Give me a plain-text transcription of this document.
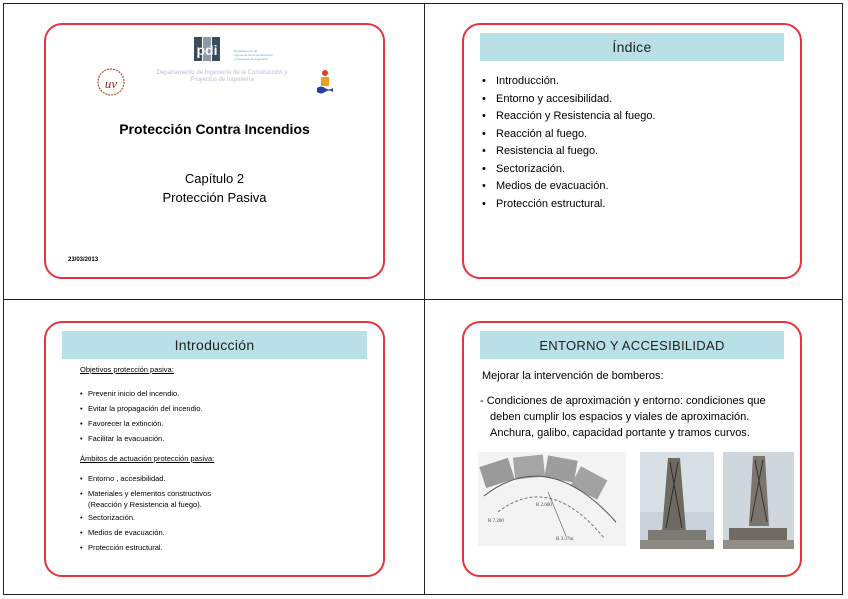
pdi	Departamento de
Ingeniería de la Construcción
y Proyectos de Ingeniería
uv
Departamento de Ingeniería de la Construcción y
Proyectos de Ingeniería
Protección Contra Incendios
Capítulo 2
Protección Pasiva
23/03/2013
Índice
• Introducción.
• Entorno y accesibilidad.
• Reacción y Resistencia al fuego.
• Reacción al fuego.
• Resistencia al fuego.
• Sectorización.
• Medios de evacuación.
• Protección estructural.
Introducción
Objetivos protección pasiva:
• Prevenir inicio del incendio.
• Evitar la propagación del incendio.
• Favorecer la extinción.
• Facilitar la evacuación.
Ámbitos de actuación protección pasiva:
• Entorno , accesibilidad.
• Materiales y elementos constructivos
(Reacción y Resistencia al fuego).
• Sectorización.
• Medios de evacuación.
• Protección estructural.
ENTORNO Y ACCESIBILIDAD
Mejorar la intervención de bomberos:
- Condiciones de aproximación y entorno: condiciones que
deben cumplir los espacios y viales de aproximación.
Anchura, galibo, capacidad portante y tramos curvos.
R 7.200
R 2.600
R 3.37m
